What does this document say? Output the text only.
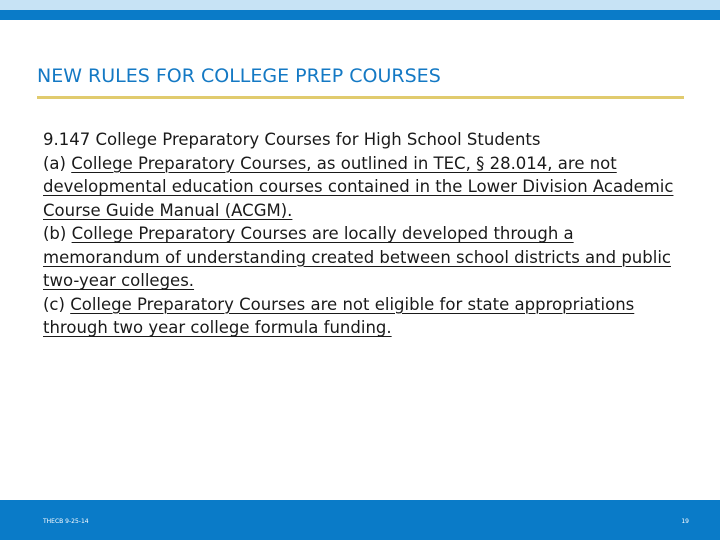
NEW RULES FOR COLLEGE PREP COURSES

9.147 College Preparatory Courses for High School Students

(a) College Preparatory Courses, as outlined in TEC, § 28.014, are not developmental education courses contained in the Lower Division Academic Course Guide Manual (ACGM).

(b) College Preparatory Courses are locally developed through a memorandum of understanding created between school districts and public two-year colleges.

(c) College Preparatory Courses are not eligible for state appropriations through two year college formula funding.

THECB 9-25-14	19
